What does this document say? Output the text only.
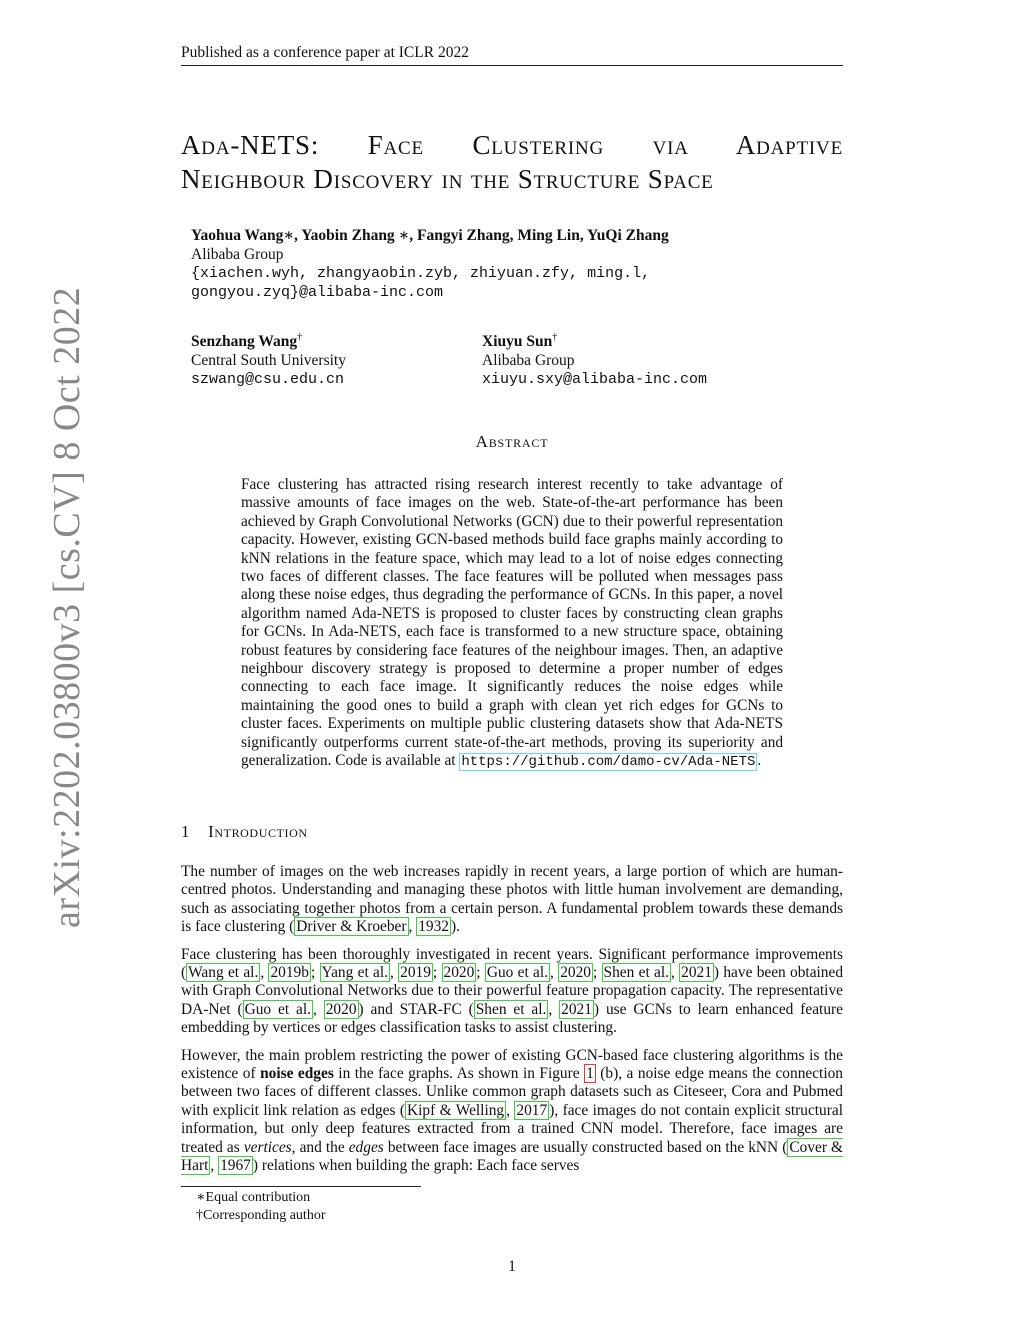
Published as a conference paper at ICLR 2022
arXiv:2202.03800v3 [cs.CV] 8 Oct 2022
Ada-NETS: Face Clustering via Adaptive
Neighbour Discovery in the Structure Space
Yaohua Wang∗, Yaobin Zhang ∗, Fangyi Zhang, Ming Lin, YuQi Zhang
Alibaba Group
{xiachen.wyh, zhangyaobin.zyb, zhiyuan.zfy, ming.l,
gongyou.zyq}@alibaba-inc.com
Senzhang Wang†
Central South University
szwang@csu.edu.cn
Xiuyu Sun†
Alibaba Group
xiuyu.sxy@alibaba-inc.com
Abstract
Face clustering has attracted rising research interest recently to take advantage of massive amounts of face images on the web. State-of-the-art performance has been achieved by Graph Convolutional Networks (GCN) due to their powerful representation capacity. However, existing GCN-based methods build face graphs mainly according to kNN relations in the feature space, which may lead to a lot of noise edges connecting two faces of different classes. The face features will be polluted when messages pass along these noise edges, thus degrading the performance of GCNs. In this paper, a novel algorithm named Ada-NETS is proposed to cluster faces by constructing clean graphs for GCNs. In Ada-NETS, each face is transformed to a new structure space, obtaining robust features by considering face features of the neighbour images. Then, an adaptive neighbour discovery strategy is proposed to determine a proper number of edges connecting to each face image. It significantly reduces the noise edges while maintaining the good ones to build a graph with clean yet rich edges for GCNs to cluster faces. Experiments on multiple public clustering datasets show that Ada-NETS significantly outperforms current state-of-the-art methods, proving its superiority and generalization. Code is available at https://github.com/damo-cv/Ada-NETS .
1 Introduction

The number of images on the web increases rapidly in recent years, a large portion of which are human-centred photos. Understanding and managing these photos with little human involvement are demanding, such as associating together photos from a certain person. A fundamental problem towards these demands is face clustering ( Driver & Kroeber , 1932 ).

Face clustering has been thoroughly investigated in recent years. Significant performance improvements ( Wang et al. , 2019b ; Yang et al. , 2019 ; 2020 ; Guo et al. , 2020 ; Shen et al. , 2021 ) have been obtained with Graph Convolutional Networks due to their powerful feature propagation capacity. The representative DA-Net ( Guo et al. , 2020 ) and STAR-FC ( Shen et al. , 2021 ) use GCNs to learn enhanced feature embedding by vertices or edges classification tasks to assist clustering.

However, the main problem restricting the power of existing GCN-based face clustering algorithms is the existence of noise edges in the face graphs. As shown in Figure 1 (b), a noise edge means the connection between two faces of different classes. Unlike common graph datasets such as Citeseer, Cora and Pubmed with explicit link relation as edges ( Kipf & Welling , 2017 ), face images do not contain explicit structural information, but only deep features extracted from a trained CNN model. Therefore, face images are treated as vertices, and the edges between face images are usually constructed based on the kNN ( Cover & Hart , 1967 ) relations when building the graph: Each face serves

∗Equal contribution
†Corresponding author
1
